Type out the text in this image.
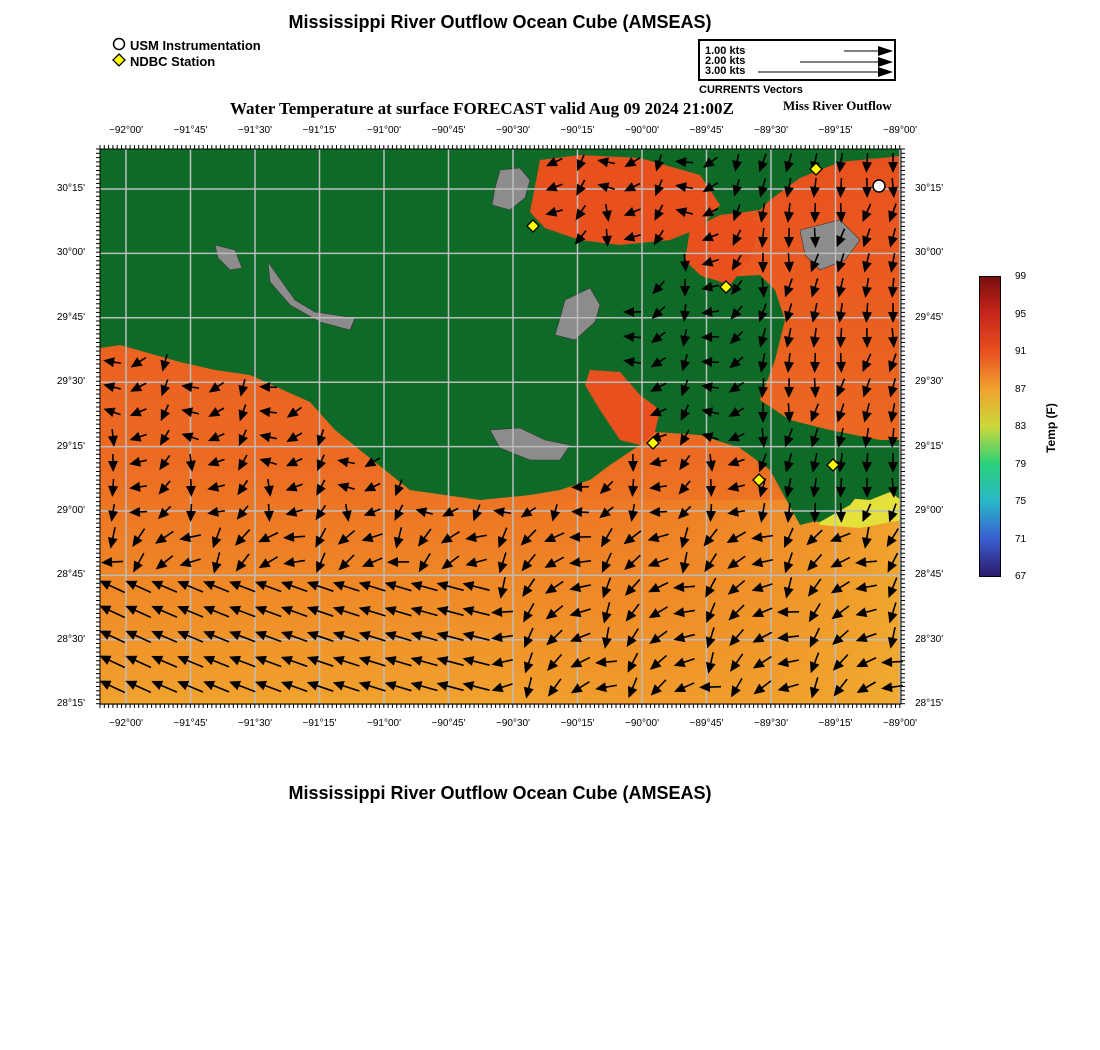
Mississippi River Outflow Ocean Cube (AMSEAS)
USM Instrumentation
NDBC Station
1.00 kts
2.00 kts
3.00 kts
CURRENTS Vectors
Water Temperature at surface FORECAST valid Aug 09 2024 21:00Z	Miss River Outflow
−92°00'	−91°45'	−91°30'	−91°15'	−91°00'	−90°45'	−90°30'	−90°15'	−90°00'	−89°45'	−89°30'	−89°15'	−89°00'
−92°00'	−91°45'	−91°30'	−91°15'	−91°00'	−90°45'	−90°30'	−90°15'	−90°00'	−89°45'	−89°30'	−89°15'	−89°00'
30°15'
30°00'
29°45'
29°30'
29°15'
29°00'
28°45'
28°30'
28°15'
30°15'
30°00'
29°45'
29°30'
29°15'
29°00'
28°45'
28°30'
28°15'
99
95
91
87
83
79
75
71
67
Temp (F)
Mississippi River Outflow Ocean Cube (AMSEAS)
